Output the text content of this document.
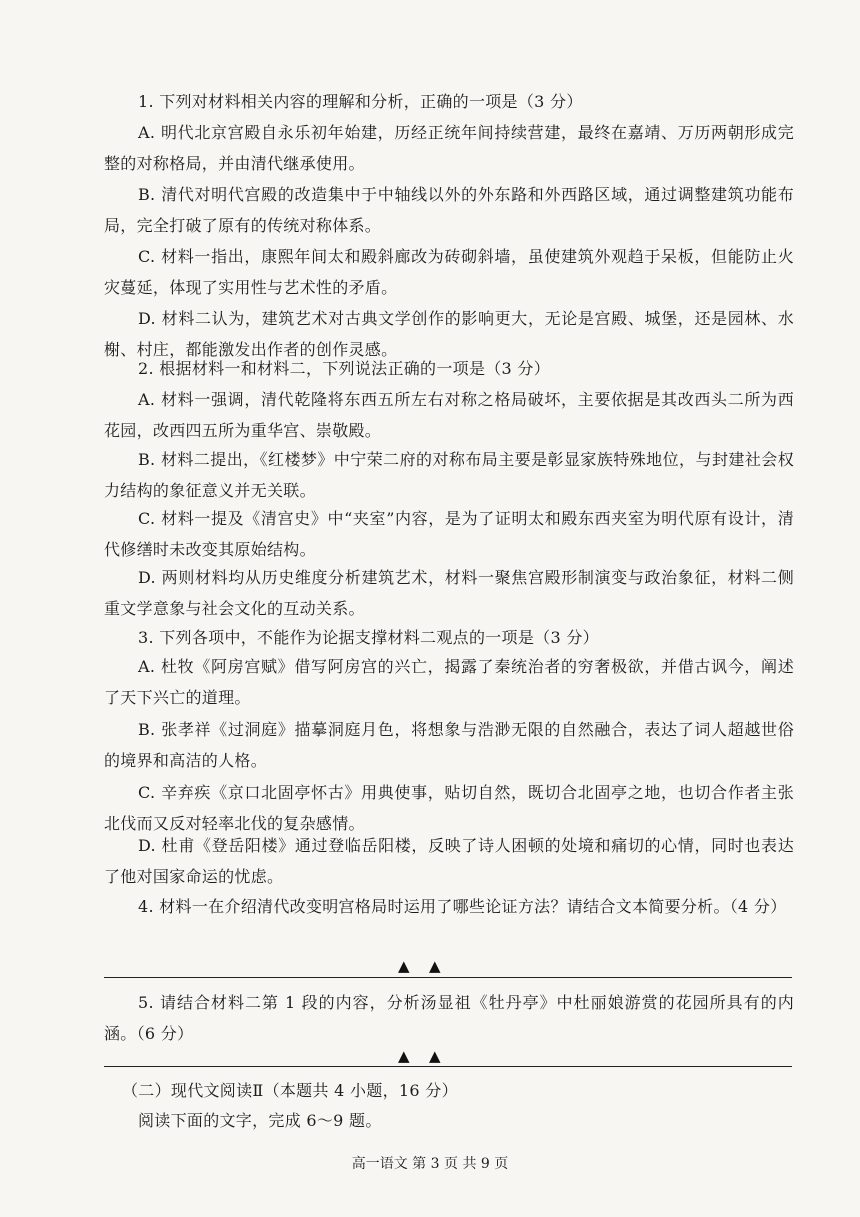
1. 下列对材料相关内容的理解和分析，正确的一项是（3 分）

A. 明代北京宫殿自永乐初年始建，历经正统年间持续营建，最终在嘉靖、万历两朝形成完整的对称格局，并由清代继承使用。

B. 清代对明代宫殿的改造集中于中轴线以外的外东路和外西路区域，通过调整建筑功能布局，完全打破了原有的传统对称体系。

C. 材料一指出，康熙年间太和殿斜廊改为砖砌斜墙，虽使建筑外观趋于呆板，但能防止火灾蔓延，体现了实用性与艺术性的矛盾。

D. 材料二认为，建筑艺术对古典文学创作的影响更大，无论是宫殿、城堡，还是园林、水榭、村庄，都能激发出作者的创作灵感。

2. 根据材料一和材料二，下列说法正确的一项是（3 分）

A. 材料一强调，清代乾隆将东西五所左右对称之格局破坏，主要依据是其改西头二所为西花园，改西四五所为重华宫、崇敬殿。

B. 材料二提出，《红楼梦》中宁荣二府的对称布局主要是彰显家族特殊地位，与封建社会权力结构的象征意义并无关联。

C. 材料一提及《清宫史》中“夹室”内容，是为了证明太和殿东西夹室为明代原有设计，清代修缮时未改变其原始结构。

D. 两则材料均从历史维度分析建筑艺术，材料一聚焦宫殿形制演变与政治象征，材料二侧重文学意象与社会文化的互动关系。

3. 下列各项中，不能作为论据支撑材料二观点的一项是（3 分）

A. 杜牧《阿房宫赋》借写阿房宫的兴亡，揭露了秦统治者的穷奢极欲，并借古讽今，阐述了天下兴亡的道理。

B. 张孝祥《过洞庭》描摹洞庭月色，将想象与浩渺无限的自然融合，表达了词人超越世俗的境界和高洁的人格。

C. 辛弃疾《京口北固亭怀古》用典使事，贴切自然，既切合北固亭之地，也切合作者主张北伐而又反对轻率北伐的复杂感情。

D. 杜甫《登岳阳楼》通过登临岳阳楼，反映了诗人困顿的处境和痛切的心情，同时也表达了他对国家命运的忧虑。

4. 材料一在介绍清代改变明宫格局时运用了哪些论证方法？请结合文本简要分析。（4 分）

▲ ▲

5. 请结合材料二第 1 段的内容，分析汤显祖《牡丹亭》中杜丽娘游赏的花园所具有的内涵。（6 分）

▲ ▲

（二）现代文阅读Ⅱ（本题共 4 小题，16 分）

阅读下面的文字，完成 6～9 题。

高一语文 第 3 页 共 9 页
